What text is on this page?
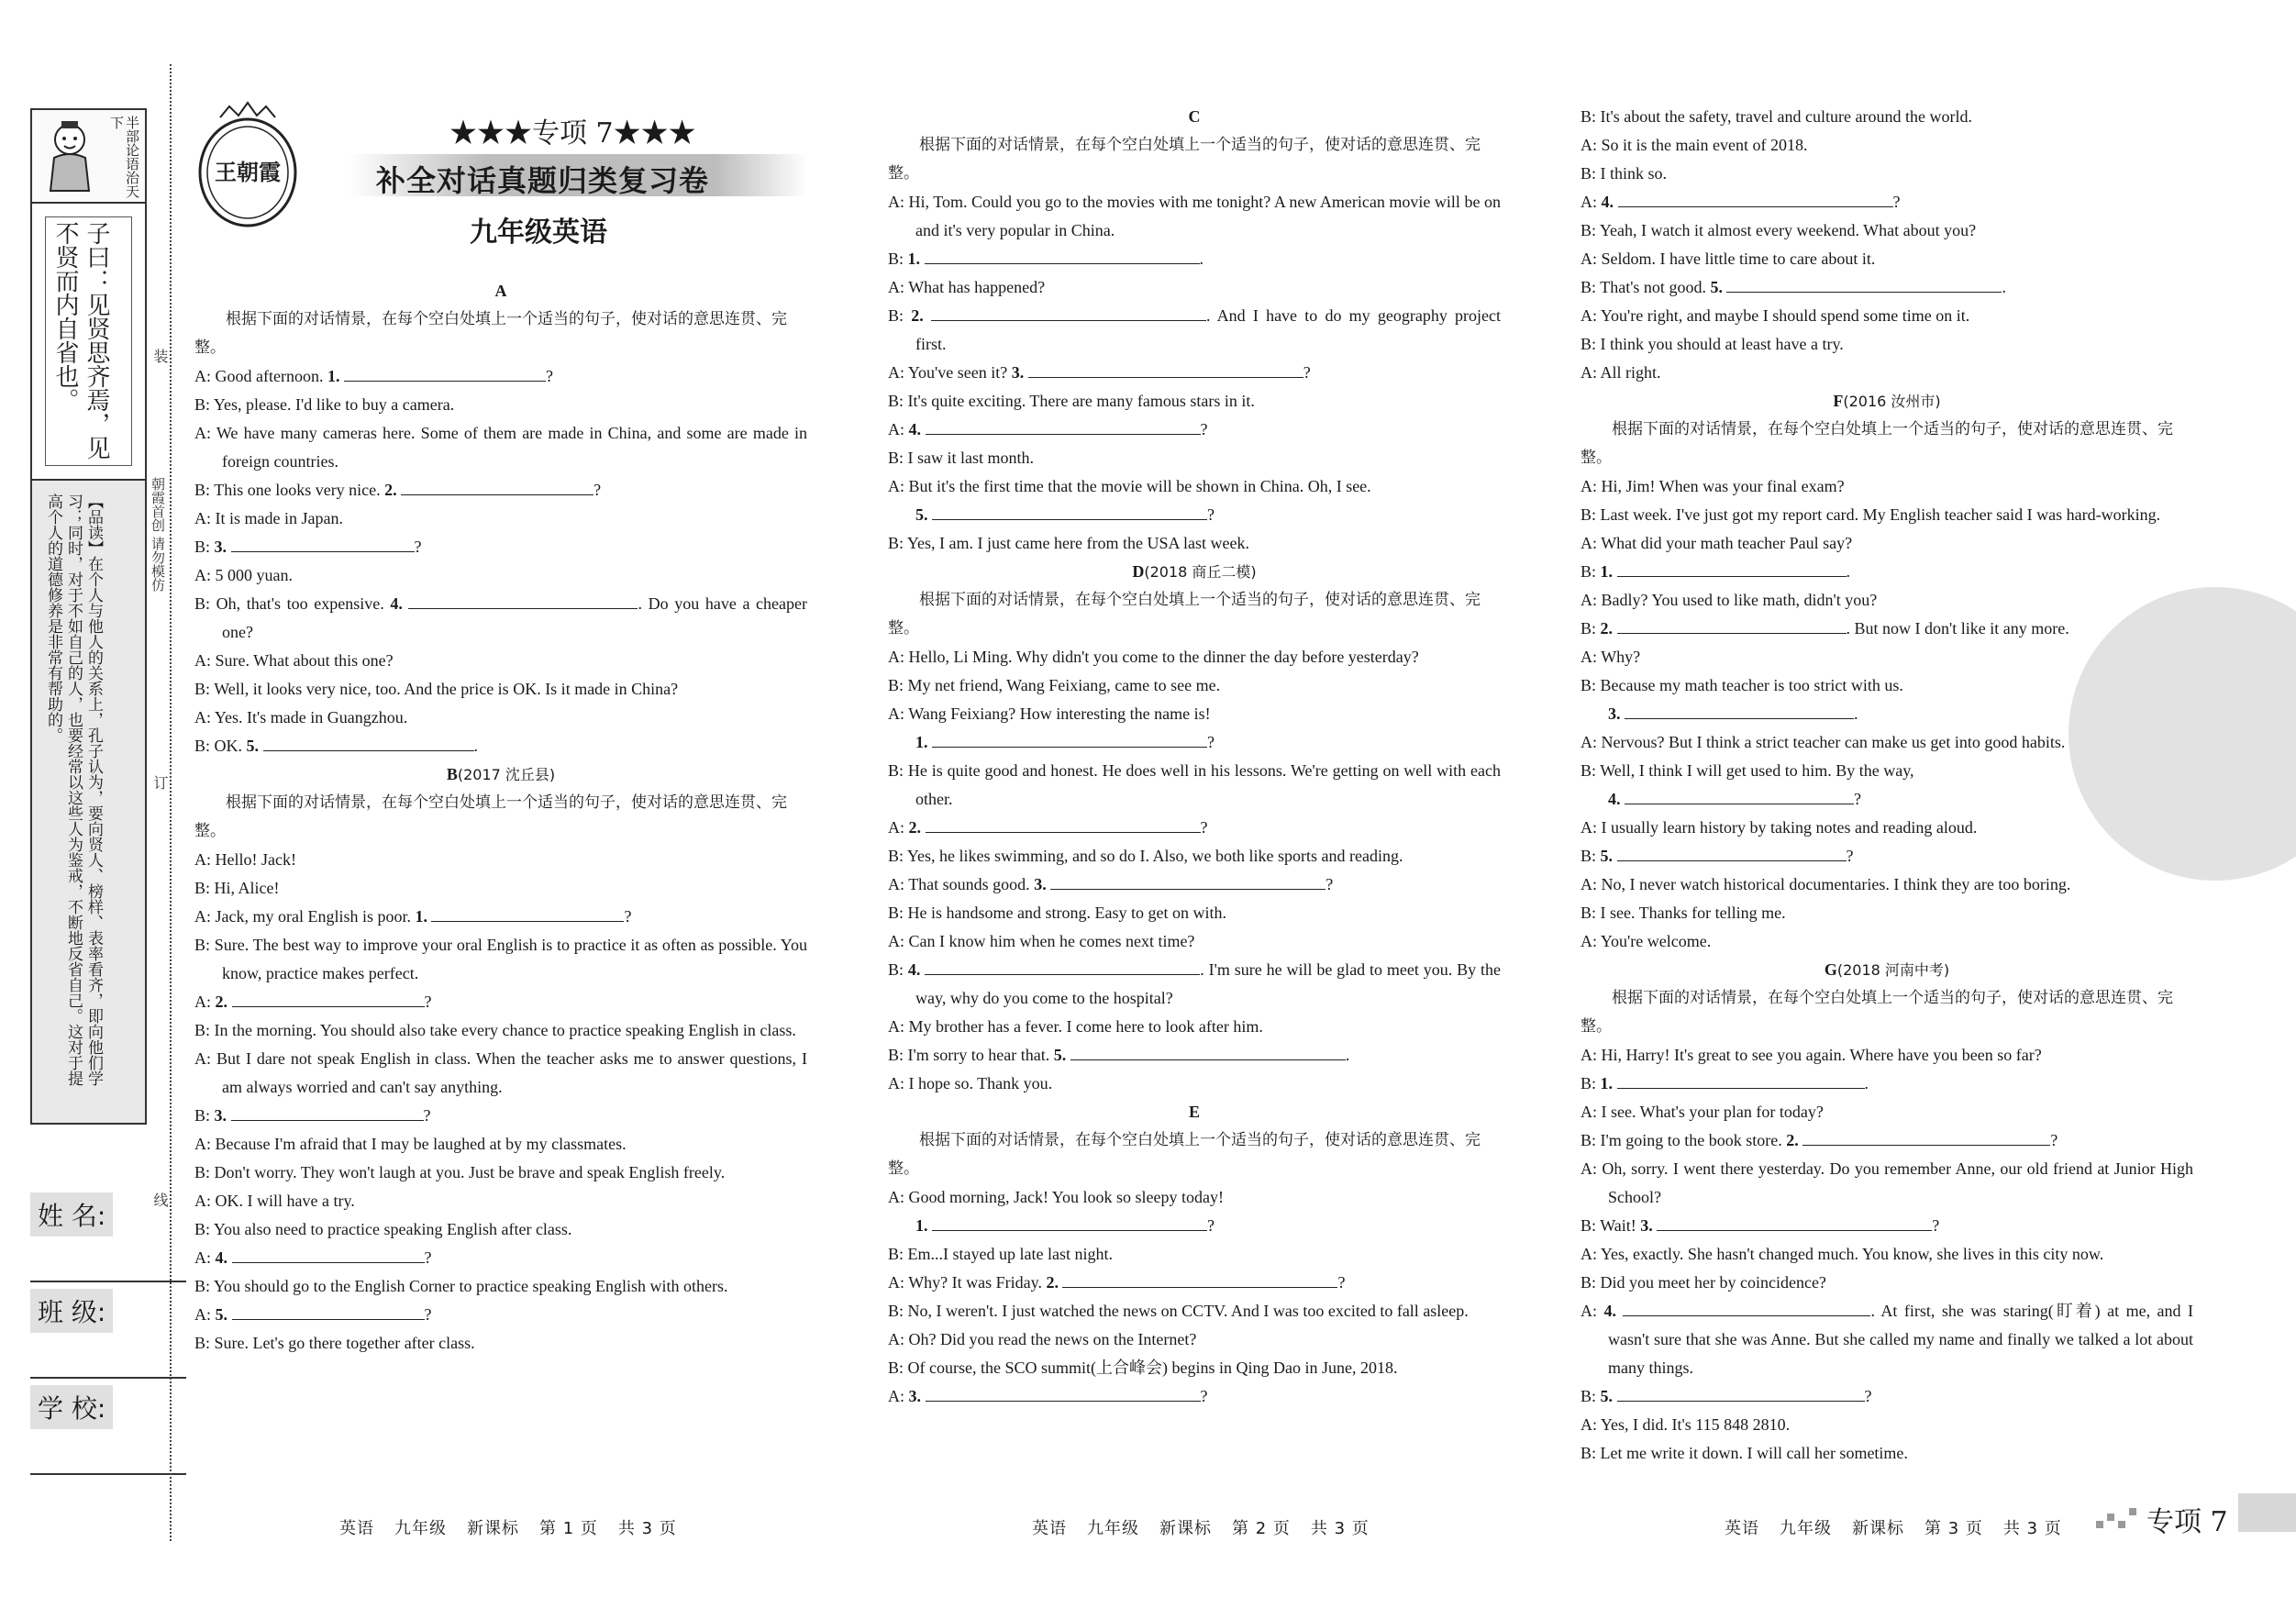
半部论语治天下
子曰：见贤思齐焉，见不贤而内自省也。
【品读】在个人与他人的关系上，孔子认为，要向贤人、榜样、表率看齐，即向他们学习；同时，对于不如自己的人，也要经常以这些人为鉴戒，不断地反省自己。这对于提高个人的道德修养是非常有帮助的。
姓 名:
班 级:
学 校:
装
订
线
朝霞首创 请勿模仿
王朝霞
★★★专项 7★★★
补全对话真题归类复习卷
九年级英语

A

根据下面的对话情景，在每个空白处填上一个适当的句子，使对话的意思连贯、完整。

A: Good afternoon. 1.	?

B: Yes, please. I'd like to buy a camera.

A: We have many cameras here. Some of them are made in China, and some are made in foreign countries.

B: This one looks very nice. 2.	?

A: It is made in Japan.

B: 3.	?

A: 5 000 yuan.

B: Oh, that's too expensive. 4.	. Do you have a cheaper one?

A: Sure. What about this one?

B: Well, it looks very nice, too. And the price is OK. Is it made in China?

A: Yes. It's made in Guangzhou.

B: OK. 5.	.

B(2017 沈丘县)

根据下面的对话情景，在每个空白处填上一个适当的句子，使对话的意思连贯、完整。

A: Hello! Jack!

B: Hi, Alice!

A: Jack, my oral English is poor. 1.	?

B: Sure. The best way to improve your oral English is to practice it as often as possible. You know, practice makes perfect.

A: 2.	?

B: In the morning. You should also take every chance to practice speaking English in class.

A: But I dare not speak English in class. When the teacher asks me to answer questions, I am always worried and can't say anything.

B: 3.	?

A: Because I'm afraid that I may be laughed at by my classmates.

B: Don't worry. They won't laugh at you. Just be brave and speak English freely.

A: OK. I will have a try.

B: You also need to practice speaking English after class.

A: 4.	?

B: You should go to the English Corner to practice speaking English with others.

A: 5.	?

B: Sure. Let's go there together after class.

C

根据下面的对话情景，在每个空白处填上一个适当的句子，使对话的意思连贯、完整。

A: Hi, Tom. Could you go to the movies with me tonight? A new American movie will be on and it's very popular in China.

B: 1.	.

A: What has happened?

B: 2.	. And I have to do my geography project first.

A: You've seen it? 3.	?

B: It's quite exciting. There are many famous stars in it.

A: 4.	?

B: I saw it last month.

A: But it's the first time that the movie will be shown in China. Oh, I see.

5.	?

B: Yes, I am. I just came here from the USA last week.

D(2018 商丘二模)

根据下面的对话情景，在每个空白处填上一个适当的句子，使对话的意思连贯、完整。

A: Hello, Li Ming. Why didn't you come to the dinner the day before yesterday?

B: My net friend, Wang Feixiang, came to see me.

A: Wang Feixiang? How interesting the name is!

1.	?

B: He is quite good and honest. He does well in his lessons. We're getting on well with each other.

A: 2.	?

B: Yes, he likes swimming, and so do I. Also, we both like sports and reading.

A: That sounds good. 3.	?

B: He is handsome and strong. Easy to get on with.

A: Can I know him when he comes next time?

B: 4.	. I'm sure he will be glad to meet you. By the way, why do you come to the hospital?

A: My brother has a fever. I come here to look after him.

B: I'm sorry to hear that. 5.	.

A: I hope so. Thank you.

E

根据下面的对话情景，在每个空白处填上一个适当的句子，使对话的意思连贯、完整。

A: Good morning, Jack! You look so sleepy today!

1.	?

B: Em...I stayed up late last night.

A: Why? It was Friday. 2.	?

B: No, I weren't. I just watched the news on CCTV. And I was too excited to fall asleep.

A: Oh? Did you read the news on the Internet?

B: Of course, the SCO summit(上合峰会) begins in Qing Dao in June, 2018.

A: 3.	?

B: It's about the safety, travel and culture around the world.

A: So it is the main event of 2018.

B: I think so.

A: 4.	?

B: Yeah, I watch it almost every weekend. What about you?

A: Seldom. I have little time to care about it.

B: That's not good. 5.	.

A: You're right, and maybe I should spend some time on it.

B: I think you should at least have a try.

A: All right.

F(2016 汝州市)

根据下面的对话情景，在每个空白处填上一个适当的句子，使对话的意思连贯、完整。

A: Hi, Jim! When was your final exam?

B: Last week. I've just got my report card. My English teacher said I was hard-working.

A: What did your math teacher Paul say?

B: 1.	.

A: Badly? You used to like math, didn't you?

B: 2.	. But now I don't like it any more.

A: Why?

B: Because my math teacher is too strict with us.

3.	.

A: Nervous? But I think a strict teacher can make us get into good habits.

B: Well, I think I will get used to him. By the way,

4.	?

A: I usually learn history by taking notes and reading aloud.

B: 5.	?

A: No, I never watch historical documentaries. I think they are too boring.

B: I see. Thanks for telling me.

A: You're welcome.

G(2018 河南中考)

根据下面的对话情景，在每个空白处填上一个适当的句子，使对话的意思连贯、完整。

A: Hi, Harry! It's great to see you again. Where have you been so far?

B: 1.	.

A: I see. What's your plan for today?

B: I'm going to the book store. 2.	?

A: Oh, sorry. I went there yesterday. Do you remember Anne, our old friend at Junior High School?

B: Wait! 3.	?

A: Yes, exactly. She hasn't changed much. You know, she lives in this city now.

B: Did you meet her by coincidence?

A: 4.	. At first, she was staring(盯着) at me, and I wasn't sure that she was Anne. But she called my name and finally we talked a lot about many things.

B: 5.	?

A: Yes, I did. It's 115 848 2810.

B: Let me write it down. I will call her sometime.

英语 九年级 新课标 第 1 页 共 3 页	英语 九年级 新课标 第 2 页 共 3 页	英语 九年级 新课标 第 3 页 共 3 页	专项 7
